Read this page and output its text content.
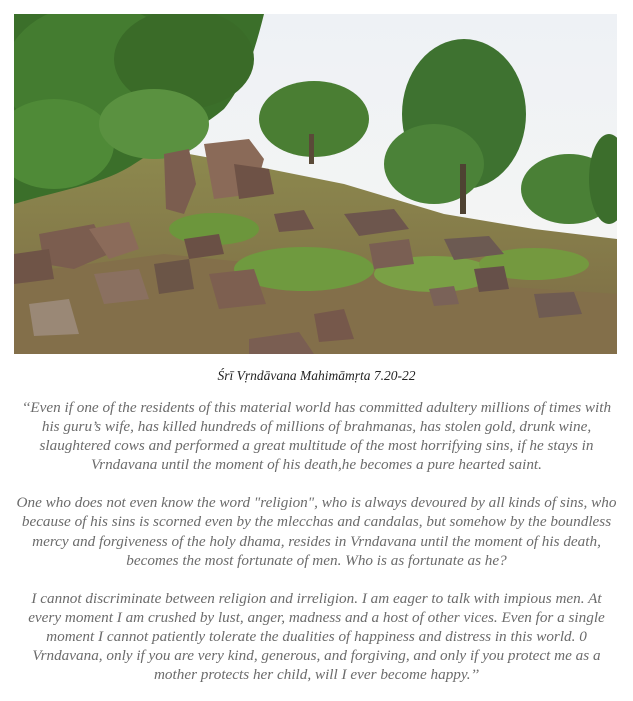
Śrī Vṛndāvana Mahimāmṛta 7.20-22

‘‘Even if one of the residents of this material world has committed adultery millions of times with his guru’s wife, has killed hundreds of millions of brahmanas, has stolen gold, drunk wine, slaughtered cows and performed a great multitude of the most horrifying sins, if he stays in Vrndavana until the moment of his death,he becomes a pure hearted saint.

One who does not even know the word "religion", who is always devoured by all kinds of sins, who because of his sins is scorned even by the mlecchas and candalas, but somehow by the boundless mercy and forgiveness of the holy dhama, resides in Vrndavana until the moment of his death, becomes the most fortunate of men. Who is as fortunate as he?

I cannot discriminate between religion and irreligion. I am eager to talk with impious men. At every moment I am crushed by lust, anger, madness and a host of other vices. Even for a single moment I cannot patiently tolerate the dualities of happiness and distress in this world. 0 Vrndavana, only if you are very kind, generous, and forgiving, and only if you protect me as a mother protects her child, will I ever become happy.’’
